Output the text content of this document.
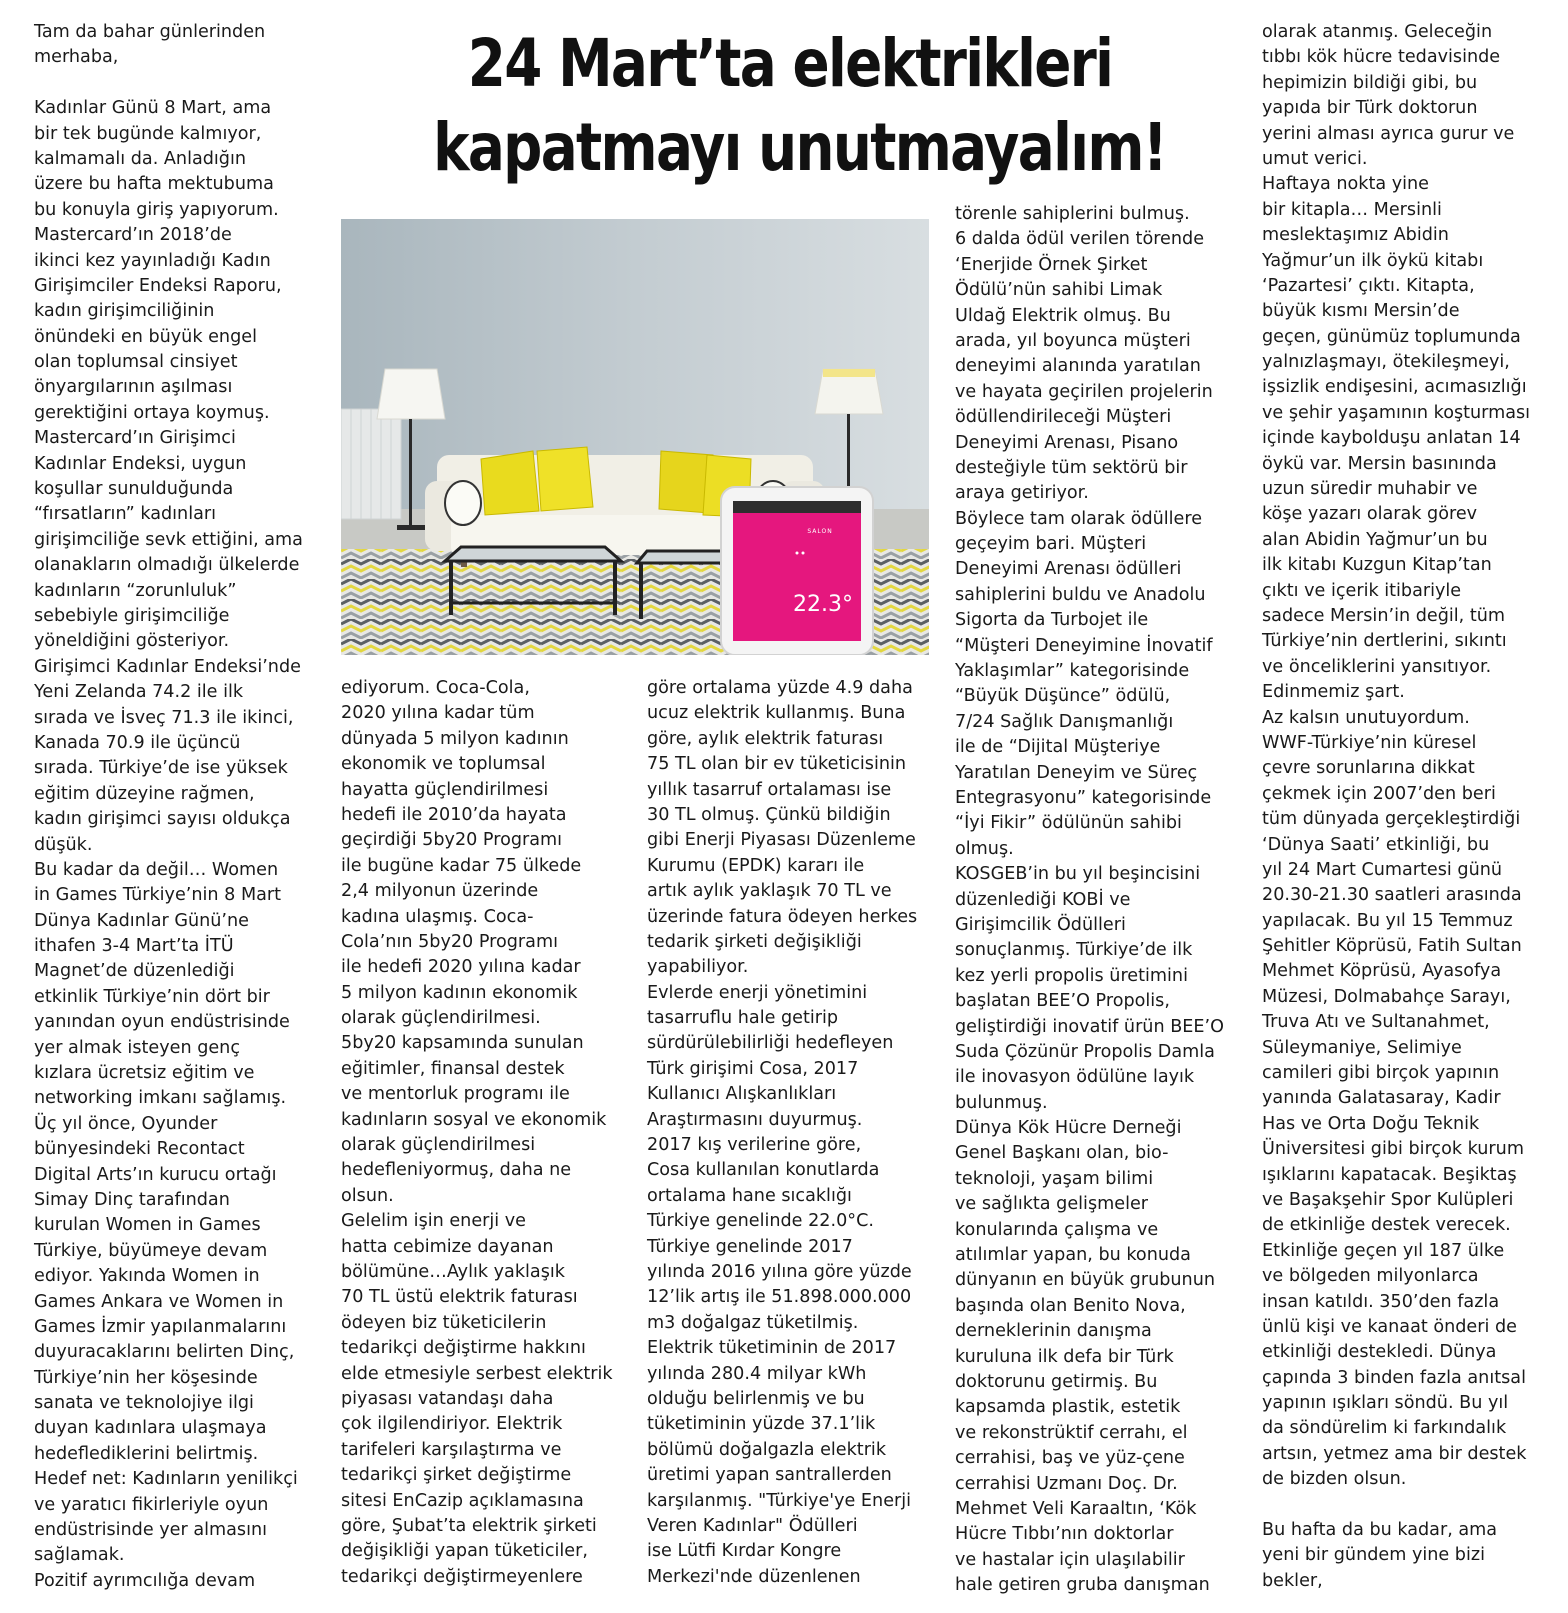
24 Mart’ta elektrikleri
kapatmayı unutmayalım!
SALON
22.3°
Tam da bahar günlerinden
merhaba,
Kadınlar Günü 8 Mart, ama
bir tek bugünde kalmıyor,
kalmamalı da. Anladığın
üzere bu hafta mektubuma
bu konuyla giriş yapıyorum.
Mastercard’ın 2018’de
ikinci kez yayınladığı Kadın
Girişimciler Endeksi Raporu,
kadın girişimciliğinin
önündeki en büyük engel
olan toplumsal cinsiyet
önyargılarının aşılması
gerektiğini ortaya koymuş.
Mastercard’ın Girişimci
Kadınlar Endeksi, uygun
koşullar sunulduğunda
“fırsatların” kadınları
girişimciliğe sevk ettiğini, ama
olanakların olmadığı ülkelerde
kadınların “zorunluluk”
sebebiyle girişimciliğe
yöneldiğini gösteriyor.
Girişimci Kadınlar Endeksi’nde
Yeni Zelanda 74.2 ile ilk
sırada ve İsveç 71.3 ile ikinci,
Kanada 70.9 ile üçüncü
sırada. Türkiye’de ise yüksek
eğitim düzeyine rağmen,
kadın girişimci sayısı oldukça
düşük.
Bu kadar da değil… Women
in Games Türkiye’nin 8 Mart
Dünya Kadınlar Günü’ne
ithafen 3-4 Mart’ta İTÜ
Magnet’de düzenlediği
etkinlik Türkiye’nin dört bir
yanından oyun endüstrisinde
yer almak isteyen genç
kızlara ücretsiz eğitim ve
networking imkanı sağlamış.
Üç yıl önce, Oyunder
bünyesindeki Recontact
Digital Arts’ın kurucu ortağı
Simay Dinç tarafından
kurulan Women in Games
Türkiye, büyümeye devam
ediyor. Yakında Women in
Games Ankara ve Women in
Games İzmir yapılanmalarını
duyuracaklarını belirten Dinç,
Türkiye’nin her köşesinde
sanata ve teknolojiye ilgi
duyan kadınlara ulaşmaya
hedeflediklerini belirtmiş.
Hedef net: Kadınların yenilikçi
ve yaratıcı fikirleriyle oyun
endüstrisinde yer almasını
sağlamak.
Pozitif ayrımcılığa devam
ediyorum. Coca-Cola,
2020 yılına kadar tüm
dünyada 5 milyon kadının
ekonomik ve toplumsal
hayatta güçlendirilmesi
hedefi ile 2010’da hayata
geçirdiği 5by20 Programı
ile bugüne kadar 75 ülkede
2,4 milyonun üzerinde
kadına ulaşmış. Coca-
Cola’nın 5by20 Programı
ile hedefi 2020 yılına kadar
5 milyon kadının ekonomik
olarak güçlendirilmesi.
5by20 kapsamında sunulan
eğitimler, finansal destek
ve mentorluk programı ile
kadınların sosyal ve ekonomik
olarak güçlendirilmesi
hedefleniyormuş, daha ne
olsun.
Gelelim işin enerji ve
hatta cebimize dayanan
bölümüne…Aylık yaklaşık
70 TL üstü elektrik faturası
ödeyen biz tüketicilerin
tedarikçi değiştirme hakkını
elde etmesiyle serbest elektrik
piyasası vatandaşı daha
çok ilgilendiriyor. Elektrik
tarifeleri karşılaştırma ve
tedarikçi şirket değiştirme
sitesi EnCazip açıklamasına
göre, Şubat’ta elektrik şirketi
değişikliği yapan tüketiciler,
tedarikçi değiştirmeyenlere
göre ortalama yüzde 4.9 daha
ucuz elektrik kullanmış. Buna
göre, aylık elektrik faturası
75 TL olan bir ev tüketicisinin
yıllık tasarruf ortalaması ise
30 TL olmuş. Çünkü bildiğin
gibi Enerji Piyasası Düzenleme
Kurumu (EPDK) kararı ile
artık aylık yaklaşık 70 TL ve
üzerinde fatura ödeyen herkes
tedarik şirketi değişikliği
yapabiliyor.
Evlerde enerji yönetimini
tasarruflu hale getirip
sürdürülebilirliği hedefleyen
Türk girişimi Cosa, 2017
Kullanıcı Alışkanlıkları
Araştırmasını duyurmuş.
2017 kış verilerine göre,
Cosa kullanılan konutlarda
ortalama hane sıcaklığı
Türkiye genelinde 22.0°C.
Türkiye genelinde 2017
yılında 2016 yılına göre yüzde
12’lik artış ile 51.898.000.000
m3 doğalgaz tüketilmiş.
Elektrik tüketiminin de 2017
yılında 280.4 milyar kWh
olduğu belirlenmiş ve bu
tüketiminin yüzde 37.1’lik
bölümü doğalgazla elektrik
üretimi yapan santrallerden
karşılanmış. "Türkiye'ye Enerji
Veren Kadınlar" Ödülleri
ise Lütfi Kırdar Kongre
Merkezi'nde düzenlenen
törenle sahiplerini bulmuş.
6 dalda ödül verilen törende
‘Enerjide Örnek Şirket
Ödülü’nün sahibi Limak
Uldağ Elektrik olmuş. Bu
arada, yıl boyunca müşteri
deneyimi alanında yaratılan
ve hayata geçirilen projelerin
ödüllendirileceği Müşteri
Deneyimi Arenası, Pisano
desteğiyle tüm sektörü bir
araya getiriyor.
Böylece tam olarak ödüllere
geçeyim bari. Müşteri
Deneyimi Arenası ödülleri
sahiplerini buldu ve Anadolu
Sigorta da Turbojet ile
“Müşteri Deneyimine İnovatif
Yaklaşımlar” kategorisinde
“Büyük Düşünce” ödülü,
7/24 Sağlık Danışmanlığı
ile de “Dijital Müşteriye
Yaratılan Deneyim ve Süreç
Entegrasyonu” kategorisinde
“İyi Fikir” ödülünün sahibi
olmuş.
KOSGEB’in bu yıl beşincisini
düzenlediği KOBİ ve
Girişimcilik Ödülleri
sonuçlanmış. Türkiye’de ilk
kez yerli propolis üretimini
başlatan BEE’O Propolis,
geliştirdiği inovatif ürün BEE’O
Suda Çözünür Propolis Damla
ile inovasyon ödülüne layık
bulunmuş.
Dünya Kök Hücre Derneği
Genel Başkanı olan, bio-
teknoloji, yaşam bilimi
ve sağlıkta gelişmeler
konularında çalışma ve
atılımlar yapan, bu konuda
dünyanın en büyük grubunun
başında olan Benito Nova,
derneklerinin danışma
kuruluna ilk defa bir Türk
doktorunu getirmiş. Bu
kapsamda plastik, estetik
ve rekonstrüktif cerrahı, el
cerrahisi, baş ve yüz-çene
cerrahisi Uzmanı Doç. Dr.
Mehmet Veli Karaaltın, ‘Kök
Hücre Tıbbı’nın doktorlar
ve hastalar için ulaşılabilir
hale getiren gruba danışman
olarak atanmış. Geleceğin
tıbbı kök hücre tedavisinde
hepimizin bildiği gibi, bu
yapıda bir Türk doktorun
yerini alması ayrıca gurur ve
umut verici.
Haftaya nokta yine
bir kitapla… Mersinli
meslektaşımız Abidin
Yağmur’un ilk öykü kitabı
‘Pazartesi’ çıktı. Kitapta,
büyük kısmı Mersin’de
geçen, günümüz toplumunda
yalnızlaşmayı, ötekileşmeyi,
işsizlik endişesini, acımasızlığı
ve şehir yaşamının koşturması
içinde kaybolduşu anlatan 14
öykü var. Mersin basınında
uzun süredir muhabir ve
köşe yazarı olarak görev
alan Abidin Yağmur’un bu
ilk kitabı Kuzgun Kitap’tan
çıktı ve içerik itibariyle
sadece Mersin’in değil, tüm
Türkiye’nin dertlerini, sıkıntı
ve önceliklerini yansıtıyor.
Edinmemiz şart.
Az kalsın unutuyordum.
WWF-Türkiye’nin küresel
çevre sorunlarına dikkat
çekmek için 2007’den beri
tüm dünyada gerçekleştirdiği
‘Dünya Saati’ etkinliği, bu
yıl 24 Mart Cumartesi günü
20.30-21.30 saatleri arasında
yapılacak. Bu yıl 15 Temmuz
Şehitler Köprüsü, Fatih Sultan
Mehmet Köprüsü, Ayasofya
Müzesi, Dolmabahçe Sarayı,
Truva Atı ve Sultanahmet,
Süleymaniye, Selimiye
camileri gibi birçok yapının
yanında Galatasaray, Kadir
Has ve Orta Doğu Teknik
Üniversitesi gibi birçok kurum
ışıklarını kapatacak. Beşiktaş
ve Başakşehir Spor Kulüpleri
de etkinliğe destek verecek.
Etkinliğe geçen yıl 187 ülke
ve bölgeden milyonlarca
insan katıldı. 350’den fazla
ünlü kişi ve kanaat önderi de
etkinliği destekledi. Dünya
çapında 3 binden fazla anıtsal
yapının ışıkları söndü. Bu yıl
da söndürelim ki farkındalık
artsın, yetmez ama bir destek
de bizden olsun.
Bu hafta da bu kadar, ama
yeni bir gündem yine bizi
bekler,
